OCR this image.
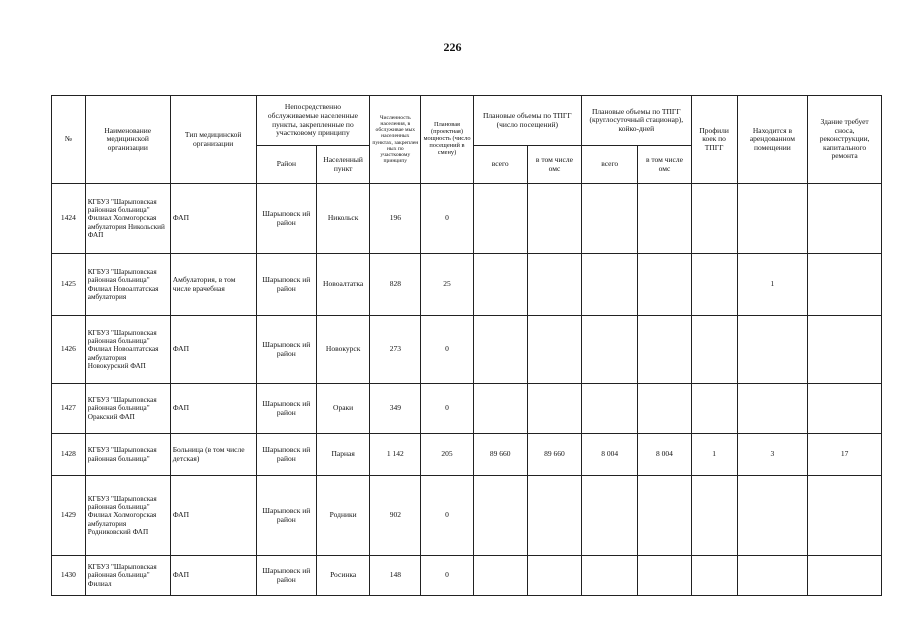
226
№	Наименование медицинской организации	Тип медицинской организации	Непосредственно обслуживаемые населенные пункты, закрепленные по участковому принципу		Численность населения, в обслуживае мых населенных пунктах, закреплен ных по участковому принципу	Плановая (проектная) мощность (число посещений в смену)	Плановые объемы по ТПГГ (число посещений)		Плановые объемы по ТПГГ (круглосуточный стационар), койко-дней		Профили коек по ТПГГ	Находится в арендованном помещении	Здание требует сноса, реконструкции, капитального ремонта
			Район	Населенный пункт			всего	в том числе омс	всего	в том числе омс			
1424	КГБУЗ "Шарыповская районная больница" Филиал Холмогорская амбулатория Никольский ФАП	ФАП	Шарыповск ий район	Никольск	196	0							
1425	КГБУЗ "Шарыповская районная больница" Филиал Новоалтатская амбулатория	Амбулатория, в том числе врачебная	Шарыповск ий район	Новоалтатка	828	25						1	
1426	КГБУЗ "Шарыповская районная больница" Филиал Новоалтатская амбулатория Новокурский ФАП	ФАП	Шарыповск ий район	Новокурск	273	0							
1427	КГБУЗ "Шарыповская районная больница" Оракский ФАП	ФАП	Шарыповск ий район	Ораки	349	0							
1428	КГБУЗ "Шарыповская районная больница"	Больница (в том числе детская)	Шарыповск ий район	Парная	1 142	205	89 660	89 660	8 004	8 004	1	3	17
1429	КГБУЗ "Шарыповская районная больница" Филиал Холмогорская амбулатория Родниковский ФАП	ФАП	Шарыповск ий район	Родники	902	0							
1430	КГБУЗ "Шарыповская районная больница" Филиал	ФАП	Шарыповск ий район	Росинка	148	0							
